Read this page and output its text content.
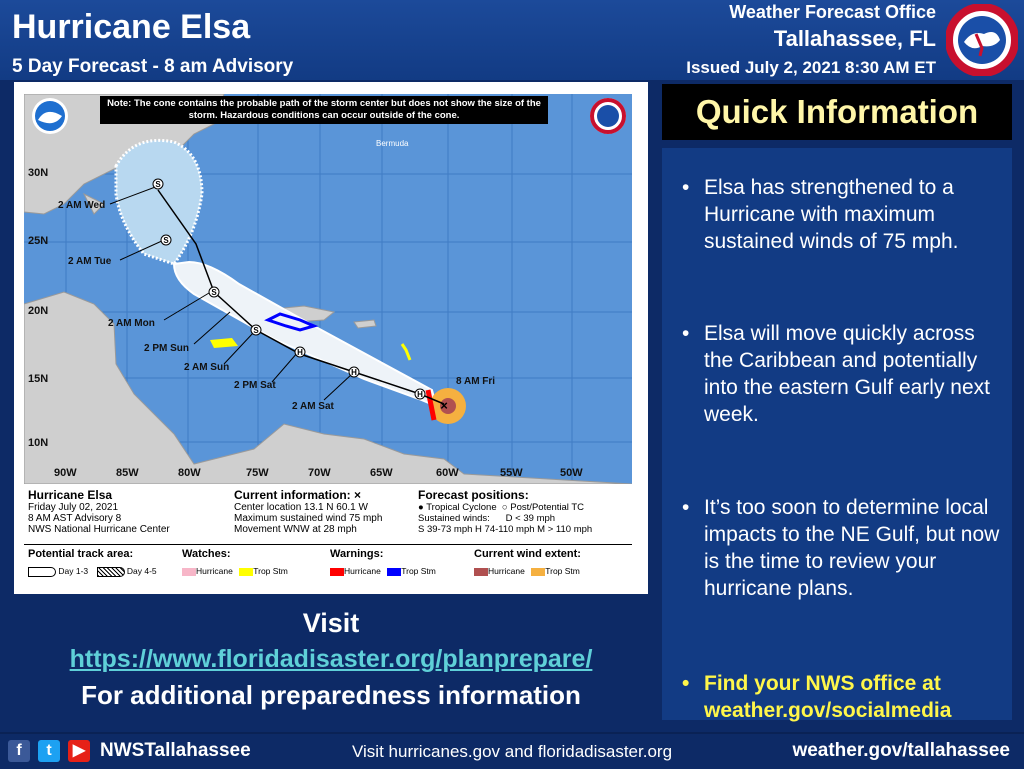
Hurricane Elsa
5 Day Forecast - 8 am Advisory
Weather Forecast Office
Tallahassee, FL
Issued July 2, 2021 8:30 AM ET
Bermuda
Note: The cone contains the probable path of the storm center but does not show the size of the storm. Hazardous conditions can occur outside of the cone.
30N
25N
20N
15N
10N
90W	85W	80W	75W	70W	65W	60W	55W	50W
8 AM Fri
2 AM Sat
2 PM Sat
2 AM Sun
2 PM Sun
2 AM Mon
2 AM Tue
2 AM Wed
H
H
H
S
S
S
S
×
Hurricane Elsa
Friday July 02, 2021
8 AM AST Advisory 8
NWS National Hurricane Center
Current information: ×
Center location 13.1 N 60.1 W
Maximum sustained wind 75 mph
Movement WNW at 28 mph
Forecast positions:
● Tropical Cyclone ○ Post/Potential TC
Sustained winds: D < 39 mph
S 39-73 mph H 74-110 mph M > 110 mph
Potential track area:	Watches:	Warnings:	Current wind extent:
Day 1-3	Day 4-5	Hurricane Trop Stm	Hurricane Trop Stm	Hurricane Trop Stm
Visit
https://www.floridadisaster.org/planprepare/
For additional preparedness information
Quick Information
• Elsa has strengthened to a Hurricane with maximum sustained winds of 75 mph.
• Elsa will move quickly across the Caribbean and potentially into the eastern Gulf early next week.
• It’s too soon to determine local impacts to the NE Gulf, but now is the time to review your hurricane plans.
• Find your NWS office at weather.gov/socialmedia
f	t	▶ NWSTallahassee	Visit hurricanes.gov and floridadisaster.org	weather.gov/tallahassee
